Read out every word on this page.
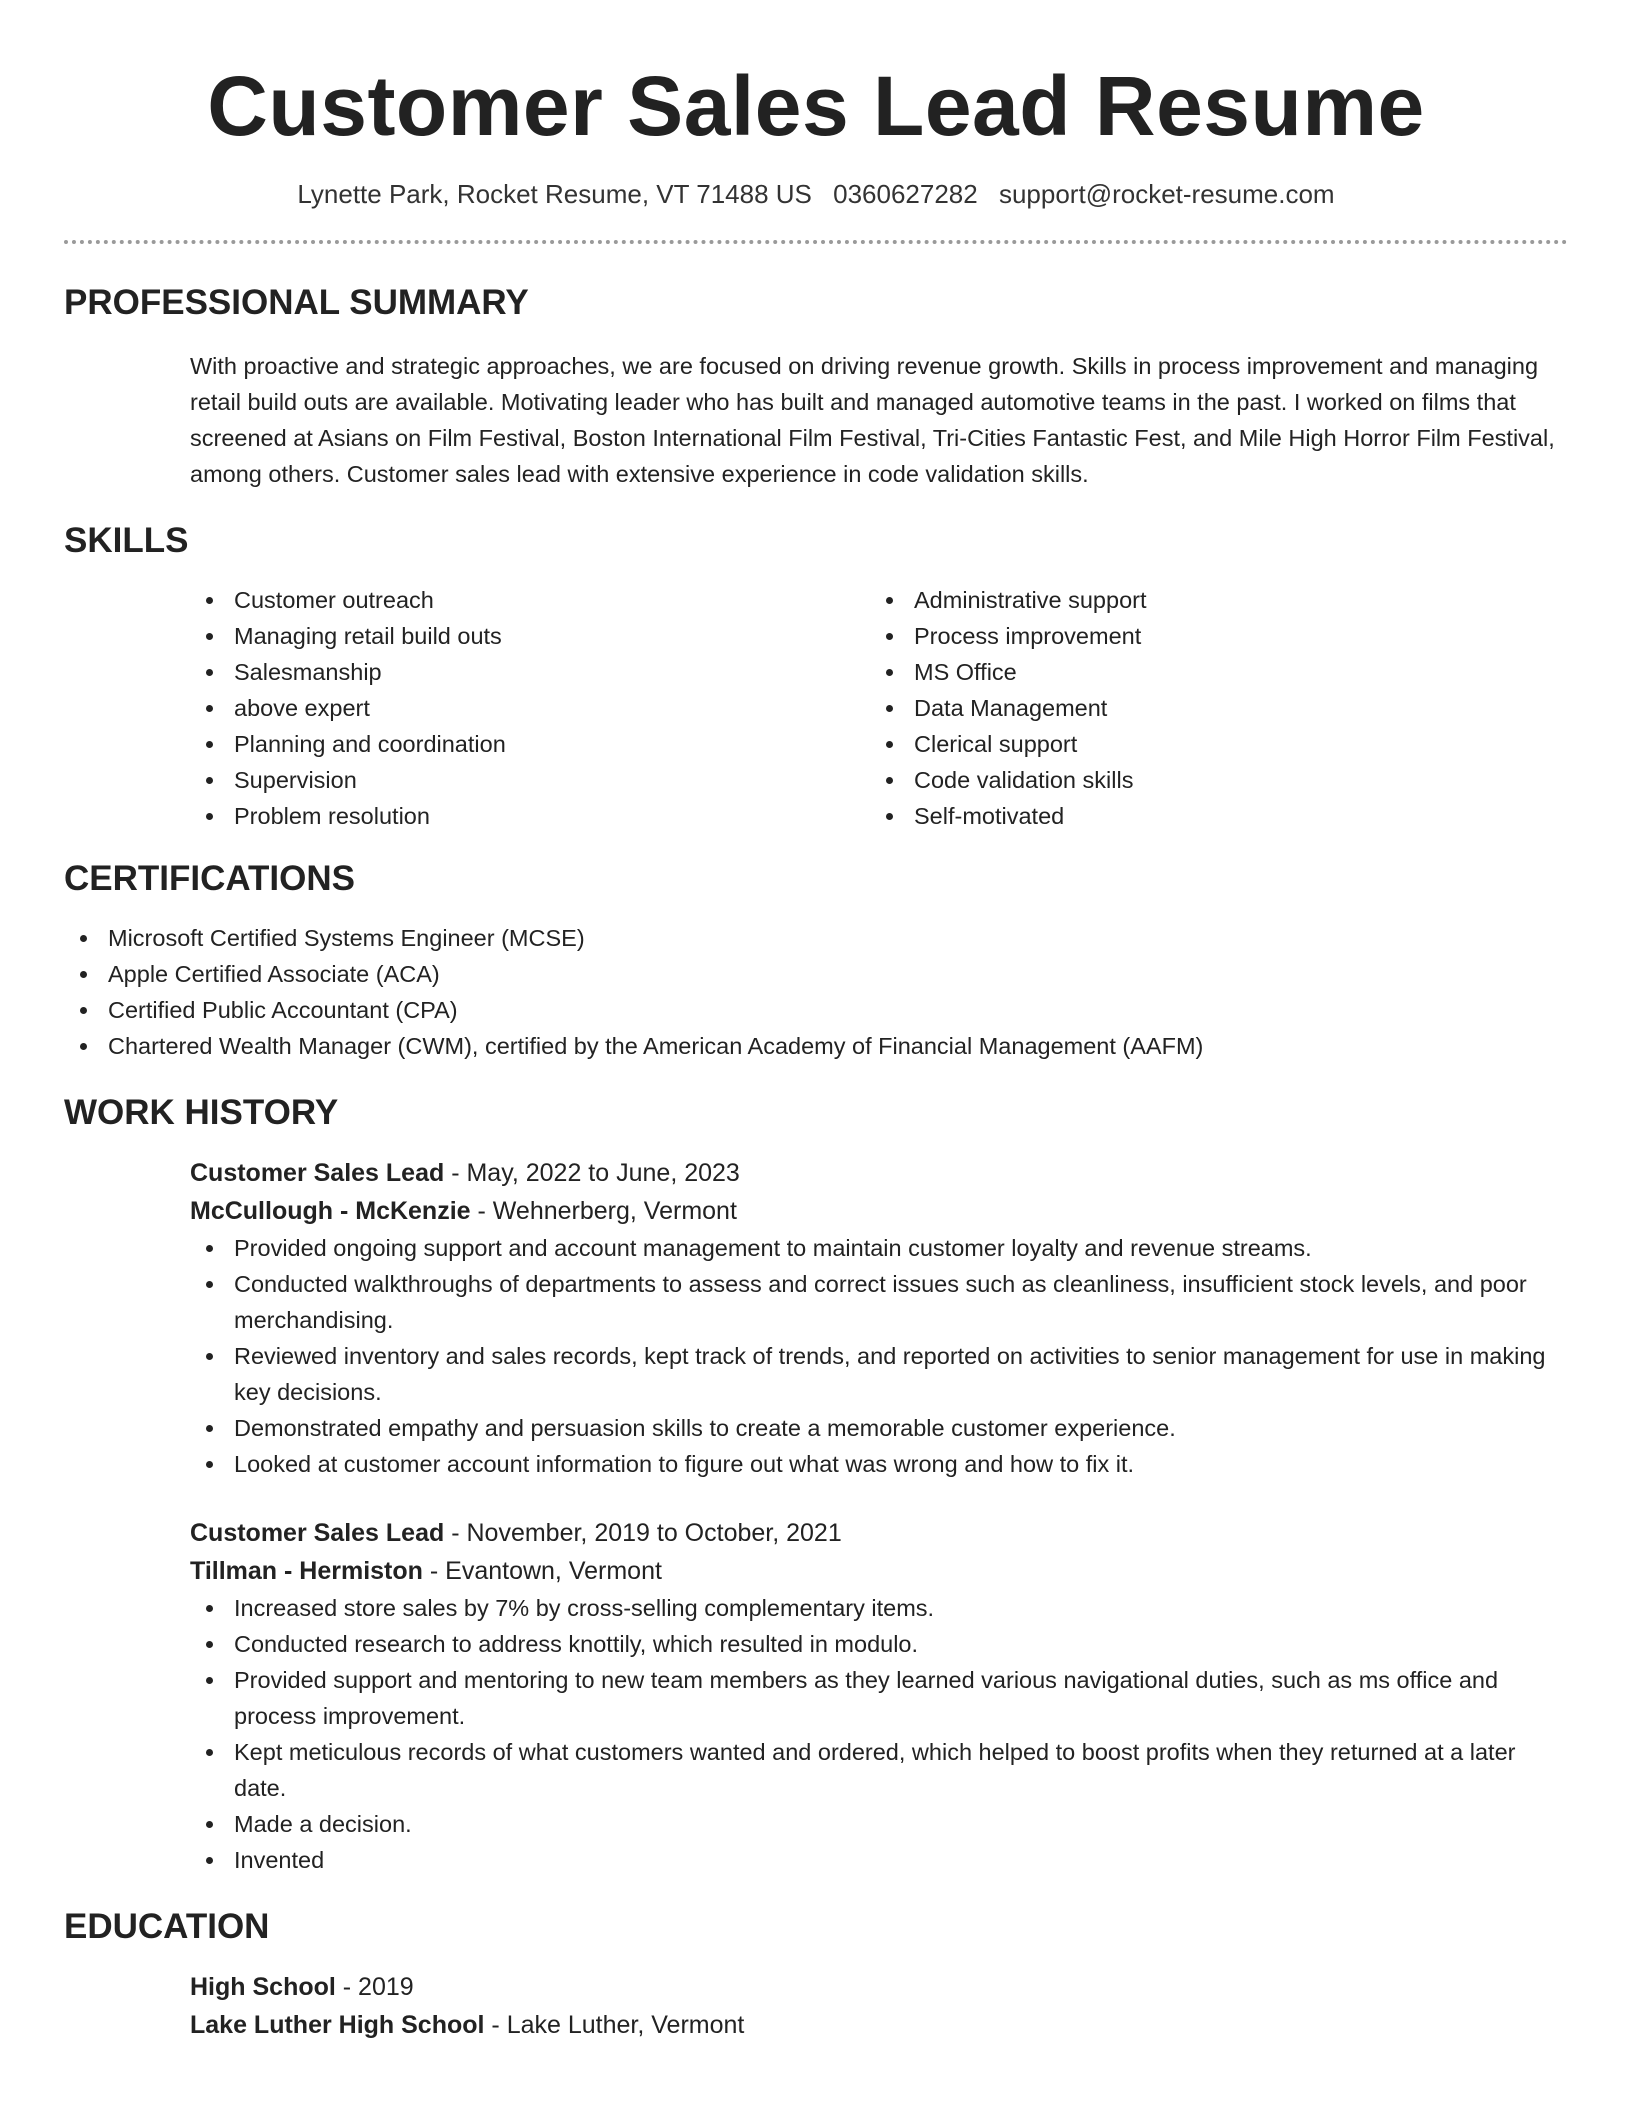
Customer Sales Lead Resume
Lynette Park, Rocket Resume, VT 71488 US 0360627282 support@rocket-resume.com
PROFESSIONAL SUMMARY
With proactive and strategic approaches, we are focused on driving revenue growth. Skills in process improvement and managing retail build outs are available. Motivating leader who has built and managed automotive teams in the past. I worked on films that screened at Asians on Film Festival, Boston International Film Festival, Tri-Cities Fantastic Fest, and Mile High Horror Film Festival, among others. Customer sales lead with extensive experience in code validation skills.
SKILLS
Customer outreach
Managing retail build outs
Salesmanship
above expert
Planning and coordination
Supervision
Problem resolution
Administrative support
Process improvement
MS Office
Data Management
Clerical support
Code validation skills
Self-motivated
CERTIFICATIONS
Microsoft Certified Systems Engineer (MCSE)
Apple Certified Associate (ACA)
Certified Public Accountant (CPA)
Chartered Wealth Manager (CWM), certified by the American Academy of Financial Management (AAFM)
WORK HISTORY
Customer Sales Lead - May, 2022 to June, 2023
McCullough - McKenzie - Wehnerberg, Vermont
Provided ongoing support and account management to maintain customer loyalty and revenue streams.
Conducted walkthroughs of departments to assess and correct issues such as cleanliness, insufficient stock levels, and poor merchandising.
Reviewed inventory and sales records, kept track of trends, and reported on activities to senior management for use in making key decisions.
Demonstrated empathy and persuasion skills to create a memorable customer experience.
Looked at customer account information to figure out what was wrong and how to fix it.
Customer Sales Lead - November, 2019 to October, 2021
Tillman - Hermiston - Evantown, Vermont
Increased store sales by 7% by cross-selling complementary items.
Conducted research to address knottily, which resulted in modulo.
Provided support and mentoring to new team members as they learned various navigational duties, such as ms office and process improvement.
Kept meticulous records of what customers wanted and ordered, which helped to boost profits when they returned at a later date.
Made a decision.
Invented
EDUCATION
High School - 2019
Lake Luther High School - Lake Luther, Vermont
